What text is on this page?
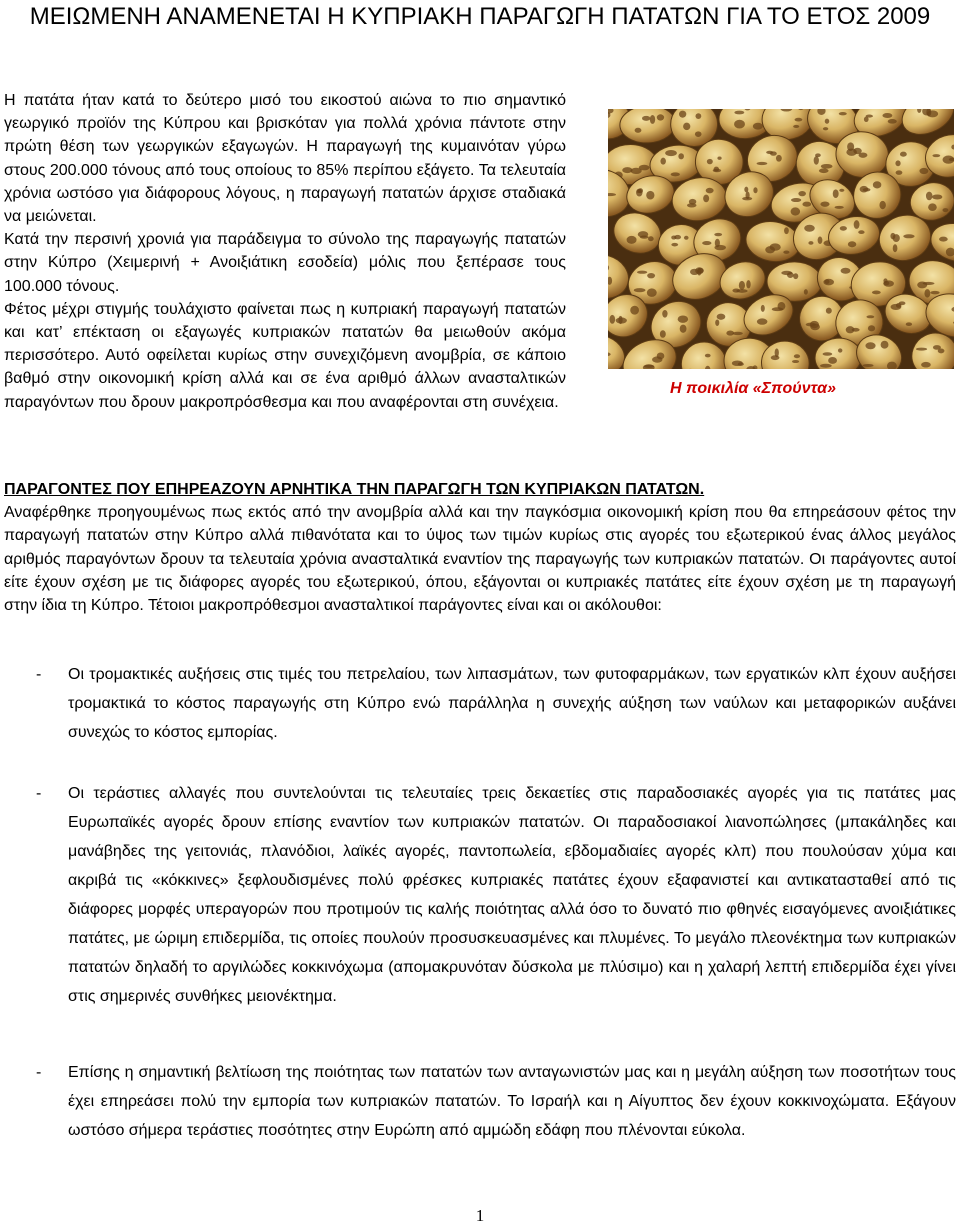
ΜΕΙΩΜΕΝΗ ΑΝΑΜΕΝΕΤΑΙ Η ΚΥΠΡΙΑΚΗ ΠΑΡΑΓΩΓΗ ΠΑΤΑΤΩΝ ΓΙΑ ΤΟ ΕΤΟΣ 2009
Η ποικιλία «Σπούντα»

Η πατάτα ήταν κατά το δεύτερο μισό του εικοστού αιώνα το πιο σημαντικό γεωργικό προϊόν της Κύπρου και βρισκόταν για πολλά χρόνια πάντοτε στην πρώτη θέση των γεωργικών εξαγωγών. Η παραγωγή της κυμαινόταν γύρω στους 200.000 τόνους από τους οποίους το 85% περίπου εξάγετο. Τα τελευταία χρόνια ωστόσο για διάφορους λόγους, η παραγωγή πατατών άρχισε σταδιακά να μειώνεται.

Κατά την περσινή χρονιά για παράδειγμα το σύνολο της παραγωγής πατατών στην Κύπρο (Χειμερινή + Ανοιξιάτικη εσοδεία) μόλις που ξεπέρασε τους 100.000 τόνους.

Φέτος μέχρι στιγμής τουλάχιστο φαίνεται πως η κυπριακή παραγωγή πατατών και κατ’ επέκταση οι εξαγωγές κυπριακών πατατών θα μειωθούν ακόμα περισσότερο. Αυτό οφείλεται κυρίως στην συνεχιζόμενη ανομβρία, σε κάποιο βαθμό στην οικονομική κρίση αλλά και σε ένα αριθμό άλλων ανασταλτικών παραγόντων που δρουν μακροπρόσθεσμα και που αναφέρονται στη συνέχεια.

ΠΑΡΑΓΟΝΤΕΣ ΠΟΥ ΕΠΗΡΕΑΖΟΥΝ ΑΡΝΗΤΙΚΑ ΤΗΝ ΠΑΡΑΓΩΓΗ ΤΩΝ ΚΥΠΡΙΑΚΩΝ ΠΑΤΑΤΩΝ.

Αναφέρθηκε προηγουμένως πως εκτός από την ανομβρία αλλά και την παγκόσμια οικονομική κρίση που θα επηρεάσουν φέτος την παραγωγή πατατών στην Κύπρο αλλά πιθανότατα και το ύψος των τιμών κυρίως στις αγορές του εξωτερικού ένας άλλος μεγάλος αριθμός παραγόντων δρουν τα τελευταία χρόνια ανασταλτικά εναντίον της παραγωγής των κυπριακών πατατών. Οι παράγοντες αυτοί είτε έχουν σχέση με τις διάφορες αγορές του εξωτερικού, όπου, εξάγονται οι κυπριακές πατάτες είτε έχουν σχέση με τη παραγωγή στην ίδια τη Κύπρο. Τέτοιοι μακροπρόθεσμοι ανασταλτικοί παράγοντες είναι και οι ακόλουθοι:

- Οι τρομακτικές αυξήσεις στις τιμές του πετρελαίου, των λιπασμάτων, των φυτοφαρμάκων, των εργατικών κλπ έχουν αυξήσει τρομακτικά το κόστος παραγωγής στη Κύπρο ενώ παράλληλα η συνεχής αύξηση των ναύλων και μεταφορικών αυξάνει συνεχώς το κόστος εμπορίας.
- Οι τεράστιες αλλαγές που συντελούνται τις τελευταίες τρεις δεκαετίες στις παραδοσιακές αγορές για τις πατάτες μας Ευρωπαϊκές αγορές δρουν επίσης εναντίον των κυπριακών πατατών. Οι παραδοσιακοί λιανοπώλησες (μπακάληδες και μανάβηδες της γειτονιάς, πλανόδιοι, λαϊκές αγορές, παντοπωλεία, εβδομαδιαίες αγορές κλπ) που πουλούσαν χύμα και ακριβά τις «κόκκινες» ξεφλουδισμένες πολύ φρέσκες κυπριακές πατάτες έχουν εξαφανιστεί και αντικατασταθεί από τις διάφορες μορφές υπεραγορών που προτιμούν τις καλής ποιότητας αλλά όσο το δυνατό πιο φθηνές εισαγόμενες ανοιξιάτικες πατάτες, με ώριμη επιδερμίδα, τις οποίες πουλούν προσυσκευασμένες και πλυμένες. Το μεγάλο πλεονέκτημα των κυπριακών πατατών δηλαδή το αργιλώδες κοκκινόχωμα (απομακρυνόταν δύσκολα με πλύσιμο) και η χαλαρή λεπτή επιδερμίδα έχει γίνει στις σημερινές συνθήκες μειονέκτημα.
- Επίσης η σημαντική βελτίωση της ποιότητας των πατατών των ανταγωνιστών μας και η μεγάλη αύξηση των ποσοτήτων τους έχει επηρεάσει πολύ την εμπορία των κυπριακών πατατών. Το Ισραήλ και η Αίγυπτος δεν έχουν κοκκινοχώματα. Εξάγουν ωστόσο σήμερα τεράστιες ποσότητες στην Ευρώπη από αμμώδη εδάφη που πλένονται εύκολα.
1
